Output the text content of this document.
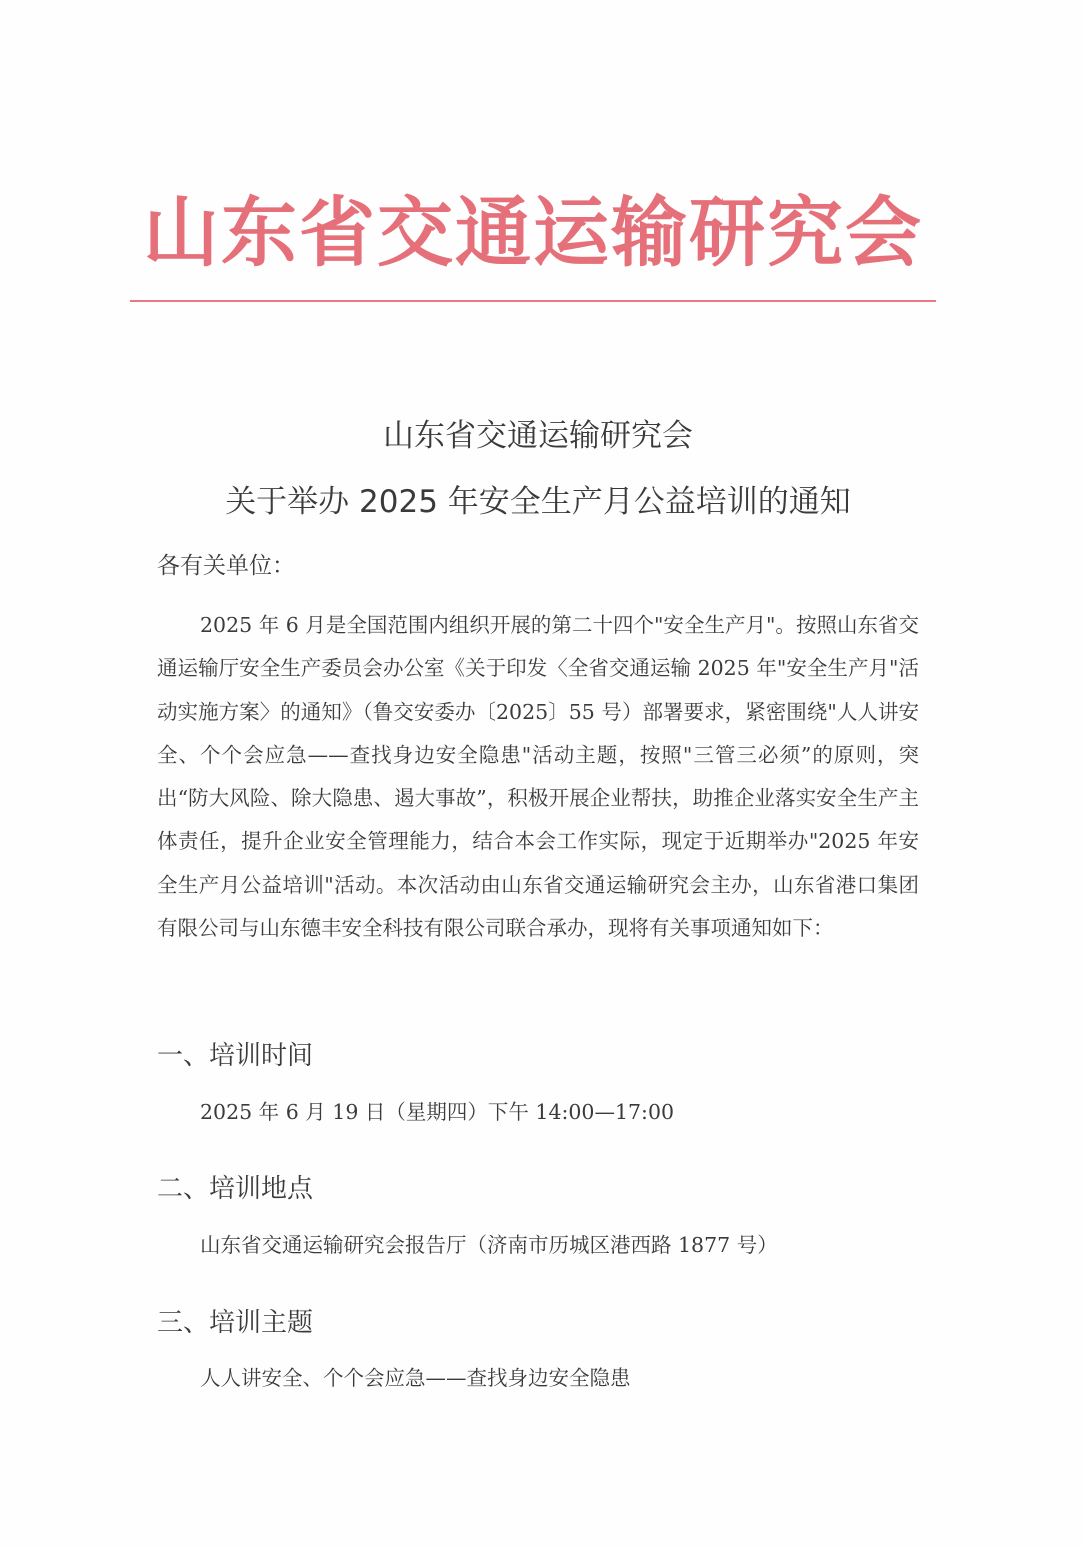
山东省交通运输研究会
山东省交通运输研究会
关于举办 2025 年安全生产月公益培训的通知
各有关单位：

2025 年 6 月是全国范围内组织开展的第二十四个"安全生产月"。按照山东省交通运输厅安全生产委员会办公室《关于印发〈全省交通运输 2025 年"安全生产月"活动实施方案〉的通知》（鲁交安委办〔2025〕55 号）部署要求，紧密围绕"人人讲安全、个个会应急——查找身边安全隐患"活动主题，按照"三管三必须”的原则，突出“防大风险、除大隐患、遏大事故”，积极开展企业帮扶，助推企业落实安全生产主体责任，提升企业安全管理能力，结合本会工作实际，现定于近期举办"2025 年安全生产月公益培训"活动。本次活动由山东省交通运输研究会主办，山东省港口集团有限公司与山东德丰安全科技有限公司联合承办，现将有关事项通知如下：

一、培训时间
2025 年 6 月 19 日（星期四）下午 14:00—17:00
二、培训地点
山东省交通运输研究会报告厅（济南市历城区港西路 1877 号）
三、培训主题
人人讲安全、个个会应急——查找身边安全隐患
